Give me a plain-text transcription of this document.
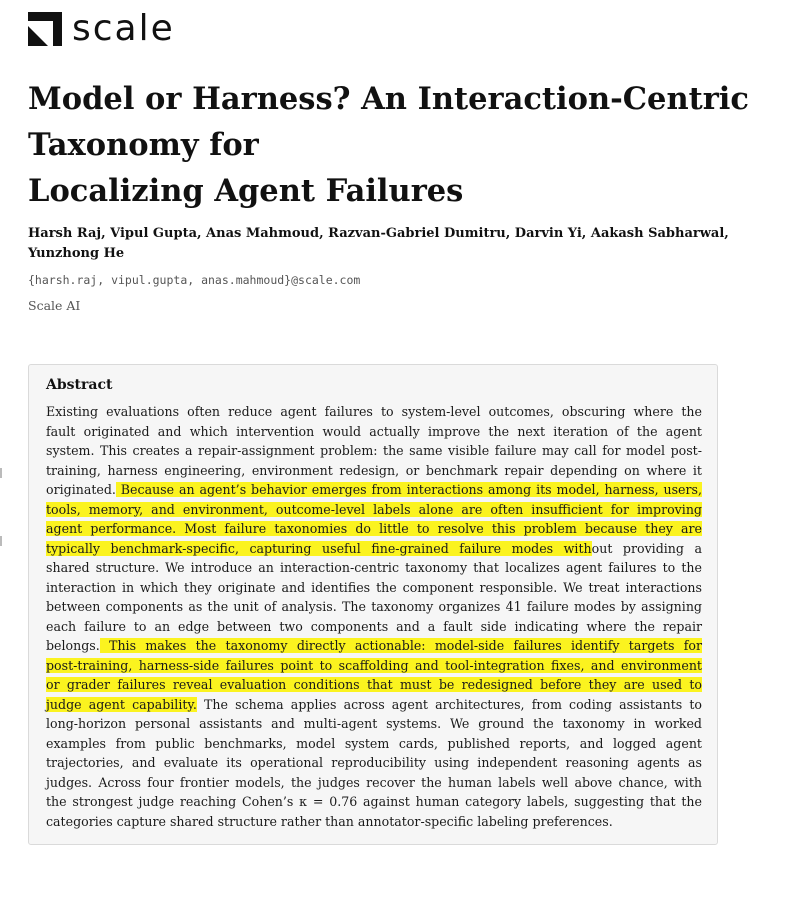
scale
Model or Harness? An Interaction-Centric
Taxonomy for
Localizing Agent Failures
Harsh Raj, Vipul Gupta, Anas Mahmoud, Razvan-Gabriel Dumitru, Darvin Yi, Aakash Sabharwal,
Yunzhong He
{harsh.raj, vipul.gupta, anas.mahmoud}@scale.com
Scale AI
Abstract
Existing evaluations often reduce agent failures to system-level outcomes, obscuring where the
fault originated and which intervention would actually improve the next iteration of the agent
system. This creates a repair-assignment problem: the same visible failure may call for model post-
training, harness engineering, environment redesign, or benchmark repair depending on where it
originated. Because an agent’s behavior emerges from interactions among its model, harness, users,
tools, memory, and environment, outcome-level labels alone are often insufficient for improving
agent performance. Most failure taxonomies do little to resolve this problem because they are
typically benchmark-specific, capturing useful fine-grained failure modes without providing a
shared structure. We introduce an interaction-centric taxonomy that localizes agent failures to the
interaction in which they originate and identifies the component responsible. We treat interactions
between components as the unit of analysis. The taxonomy organizes 41 failure modes by assigning
each failure to an edge between two components and a fault side indicating where the repair
belongs. This makes the taxonomy directly actionable: model-side failures identify targets for
post-training, harness-side failures point to scaffolding and tool-integration fixes, and environment
or grader failures reveal evaluation conditions that must be redesigned before they are used to
judge agent capability. The schema applies across agent architectures, from coding assistants to
long-horizon personal assistants and multi-agent systems. We ground the taxonomy in worked
examples from public benchmarks, model system cards, published reports, and logged agent
trajectories, and evaluate its operational reproducibility using independent reasoning agents as
judges. Across four frontier models, the judges recover the human labels well above chance, with
the strongest judge reaching Cohen’s κ = 0.76 against human category labels, suggesting that the
categories capture shared structure rather than annotator-specific labeling preferences.
